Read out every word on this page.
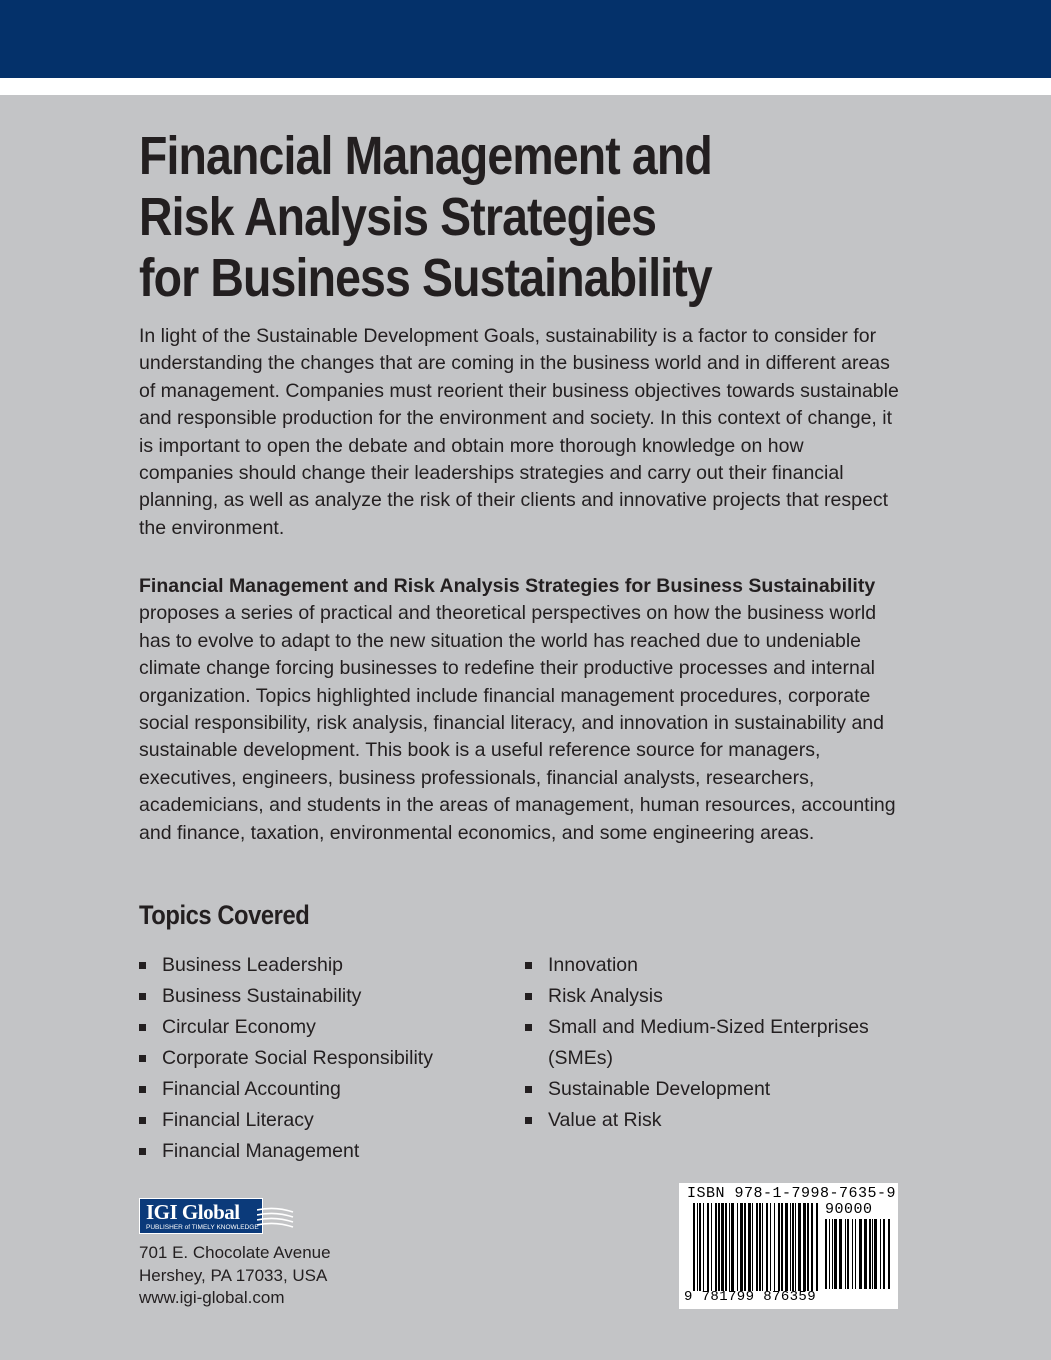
Financial Management and
Risk Analysis Strategies
for Business Sustainability

In light of the Sustainable Development Goals, sustainability is a factor to consider for understanding the changes that are coming in the business world and in different areas of management. Companies must reorient their business objectives towards sustainable and responsible production for the environment and society. In this context of change, it is important to open the debate and obtain more thorough knowledge on how companies should change their leaderships strategies and carry out their financial planning, as well as analyze the risk of their clients and innovative projects that respect the environment.

Financial Management and Risk Analysis Strategies for Business Sustainability proposes a series of practical and theoretical perspectives on how the business world has to evolve to adapt to the new situation the world has reached due to undeniable climate change forcing businesses to redefine their productive processes and internal organization. Topics highlighted include financial management procedures, corporate social responsibility, risk analysis, financial literacy, and innovation in sustainability and sustainable development. This book is a useful reference source for managers, executives, engineers, business professionals, financial analysts, researchers, academicians, and students in the areas of management, human resources, accounting and finance, taxation, environmental economics, and some engineering areas.

Topics Covered
Business Leadership
Business Sustainability
Circular Economy
Corporate Social Responsibility
Financial Accounting
Financial Literacy
Financial Management
Innovation
Risk Analysis
Small and Medium-Sized Enterprises (SMEs)
Sustainable Development
Value at Risk
IGI Global
PUBLISHER of TIMELY KNOWLEDGE
701 E. Chocolate Avenue
Hershey, PA 17033, USA
www.igi-global.com
ISBN 978-1-7998-7635-9
90000
9 781799 876359
